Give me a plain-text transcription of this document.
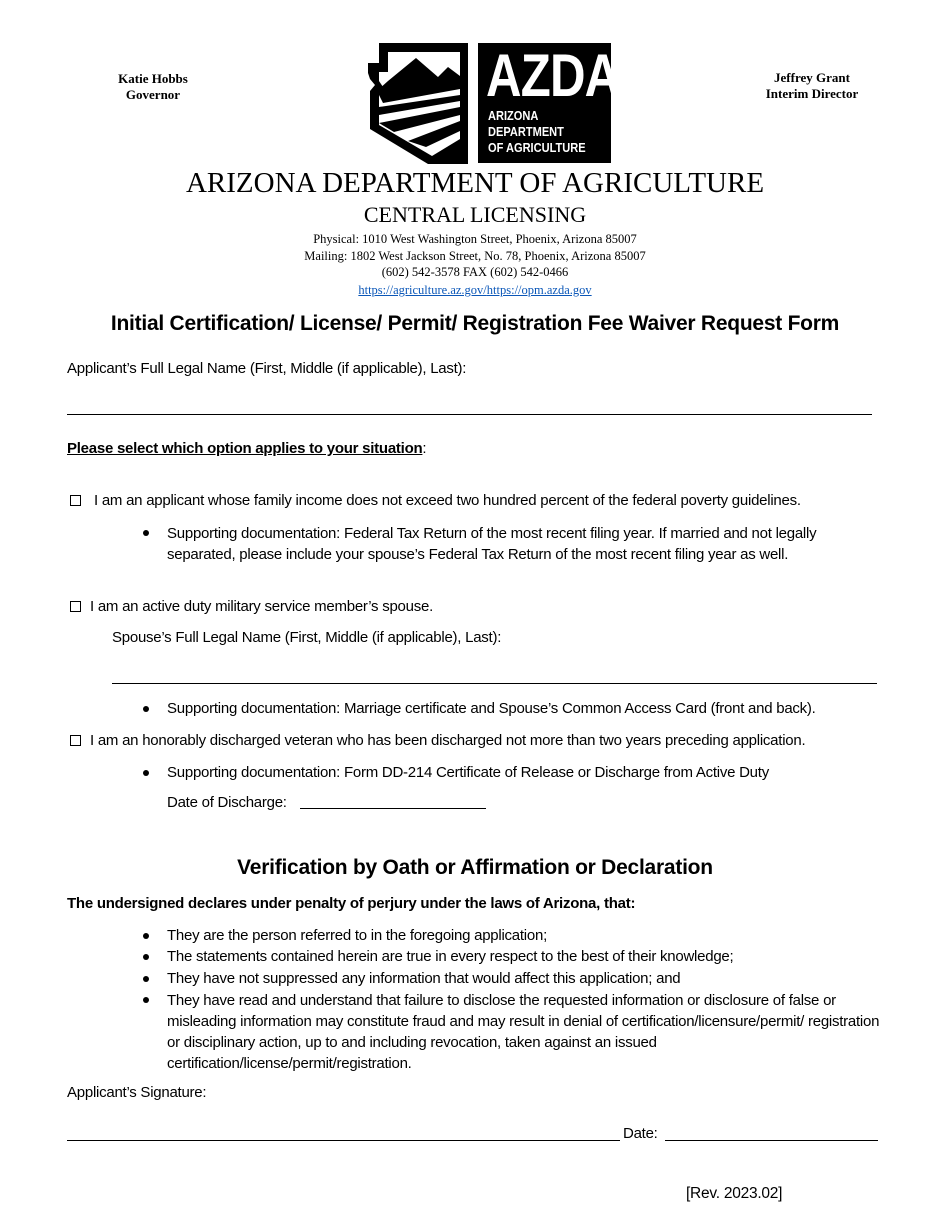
Katie Hobbs
Governor
Jeffrey Grant
Interim Director
AZDA
ARIZONA
DEPARTMENT
OF AGRICULTURE
ARIZONA DEPARTMENT OF AGRICULTURE
CENTRAL LICENSING
Physical: 1010 West Washington Street, Phoenix, Arizona 85007
Mailing: 1802 West Jackson Street, No. 78, Phoenix, Arizona 85007
(602) 542-3578 FAX (602) 542-0466
https://agriculture.az.gov/https://opm.azda.gov
Initial Certification/ License/ Permit/ Registration Fee Waiver Request Form
Applicant’s Full Legal Name (First, Middle (if applicable), Last):
Please select which option applies to your situation:
I am an applicant whose family income does not exceed two hundred percent of the federal poverty guidelines.
Supporting documentation: Federal Tax Return of the most recent filing year. If married and not legally separated, please include your spouse’s Federal Tax Return of the most recent filing year as well.
I am an active duty military service member’s spouse.
Spouse’s Full Legal Name (First, Middle (if applicable), Last):
Supporting documentation: Marriage certificate and Spouse’s Common Access Card (front and back).
I am an honorably discharged veteran who has been discharged not more than two years preceding application.
Supporting documentation: Form DD-214 Certificate of Release or Discharge from Active Duty
Date of Discharge:
Verification by Oath or Affirmation or Declaration
The undersigned declares under penalty of perjury under the laws of Arizona, that:
They are the person referred to in the foregoing application;
The statements contained herein are true in every respect to the best of their knowledge;
They have not suppressed any information that would affect this application; and
They have read and understand that failure to disclose the requested information or disclosure of false or misleading information may constitute fraud and may result in denial of certification/licensure/permit/ registration or disciplinary action, up to and including revocation, taken against an issued certification/license/permit/registration.
Applicant’s Signature:
Date:
[Rev. 2023.02]
